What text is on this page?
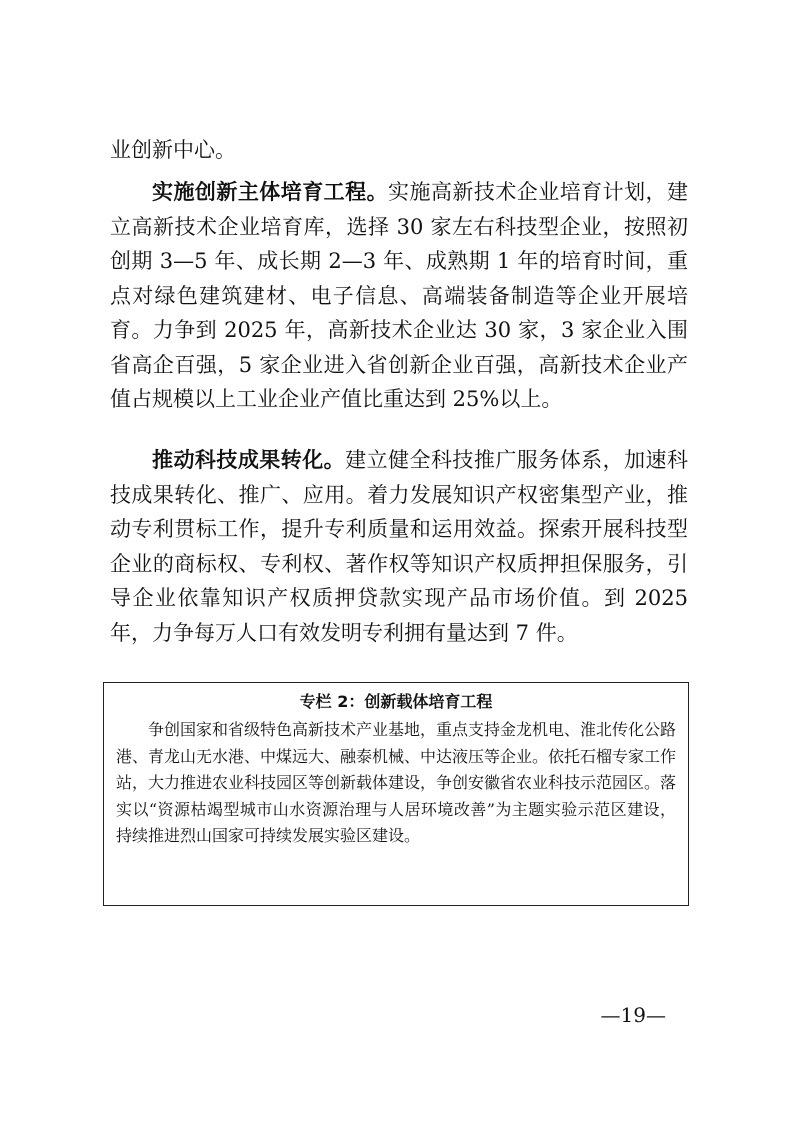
业创新中心。

实施创新主体培育工程。实施高新技术企业培育计划，建立高新技术企业培育库，选择 30 家左右科技型企业，按照初创期 3—5 年、成长期 2—3 年、成熟期 1 年的培育时间，重点对绿色建筑建材、电子信息、高端装备制造等企业开展培育。力争到 2025 年，高新技术企业达 30 家，3 家企业入围省高企百强，5 家企业进入省创新企业百强，高新技术企业产值占规模以上工业企业产值比重达到 25%以上。

推动科技成果转化。建立健全科技推广服务体系，加速科技成果转化、推广、应用。着力发展知识产权密集型产业，推动专利贯标工作，提升专利质量和运用效益。探索开展科技型企业的商标权、专利权、著作权等知识产权质押担保服务，引导企业依靠知识产权质押贷款实现产品市场价值。到 2025 年，力争每万人口有效发明专利拥有量达到 7 件。

专栏 2：创新载体培育工程

争创国家和省级特色高新技术产业基地，重点支持金龙机电、淮北传化公路港、青龙山无水港、中煤远大、融泰机械、中达液压等企业。依托石榴专家工作站，大力推进农业科技园区等创新载体建设，争创安徽省农业科技示范园区。落实以“资源枯竭型城市山水资源治理与人居环境改善”为主题实验示范区建设，持续推进烈山国家可持续发展实验区建设。

—19—
